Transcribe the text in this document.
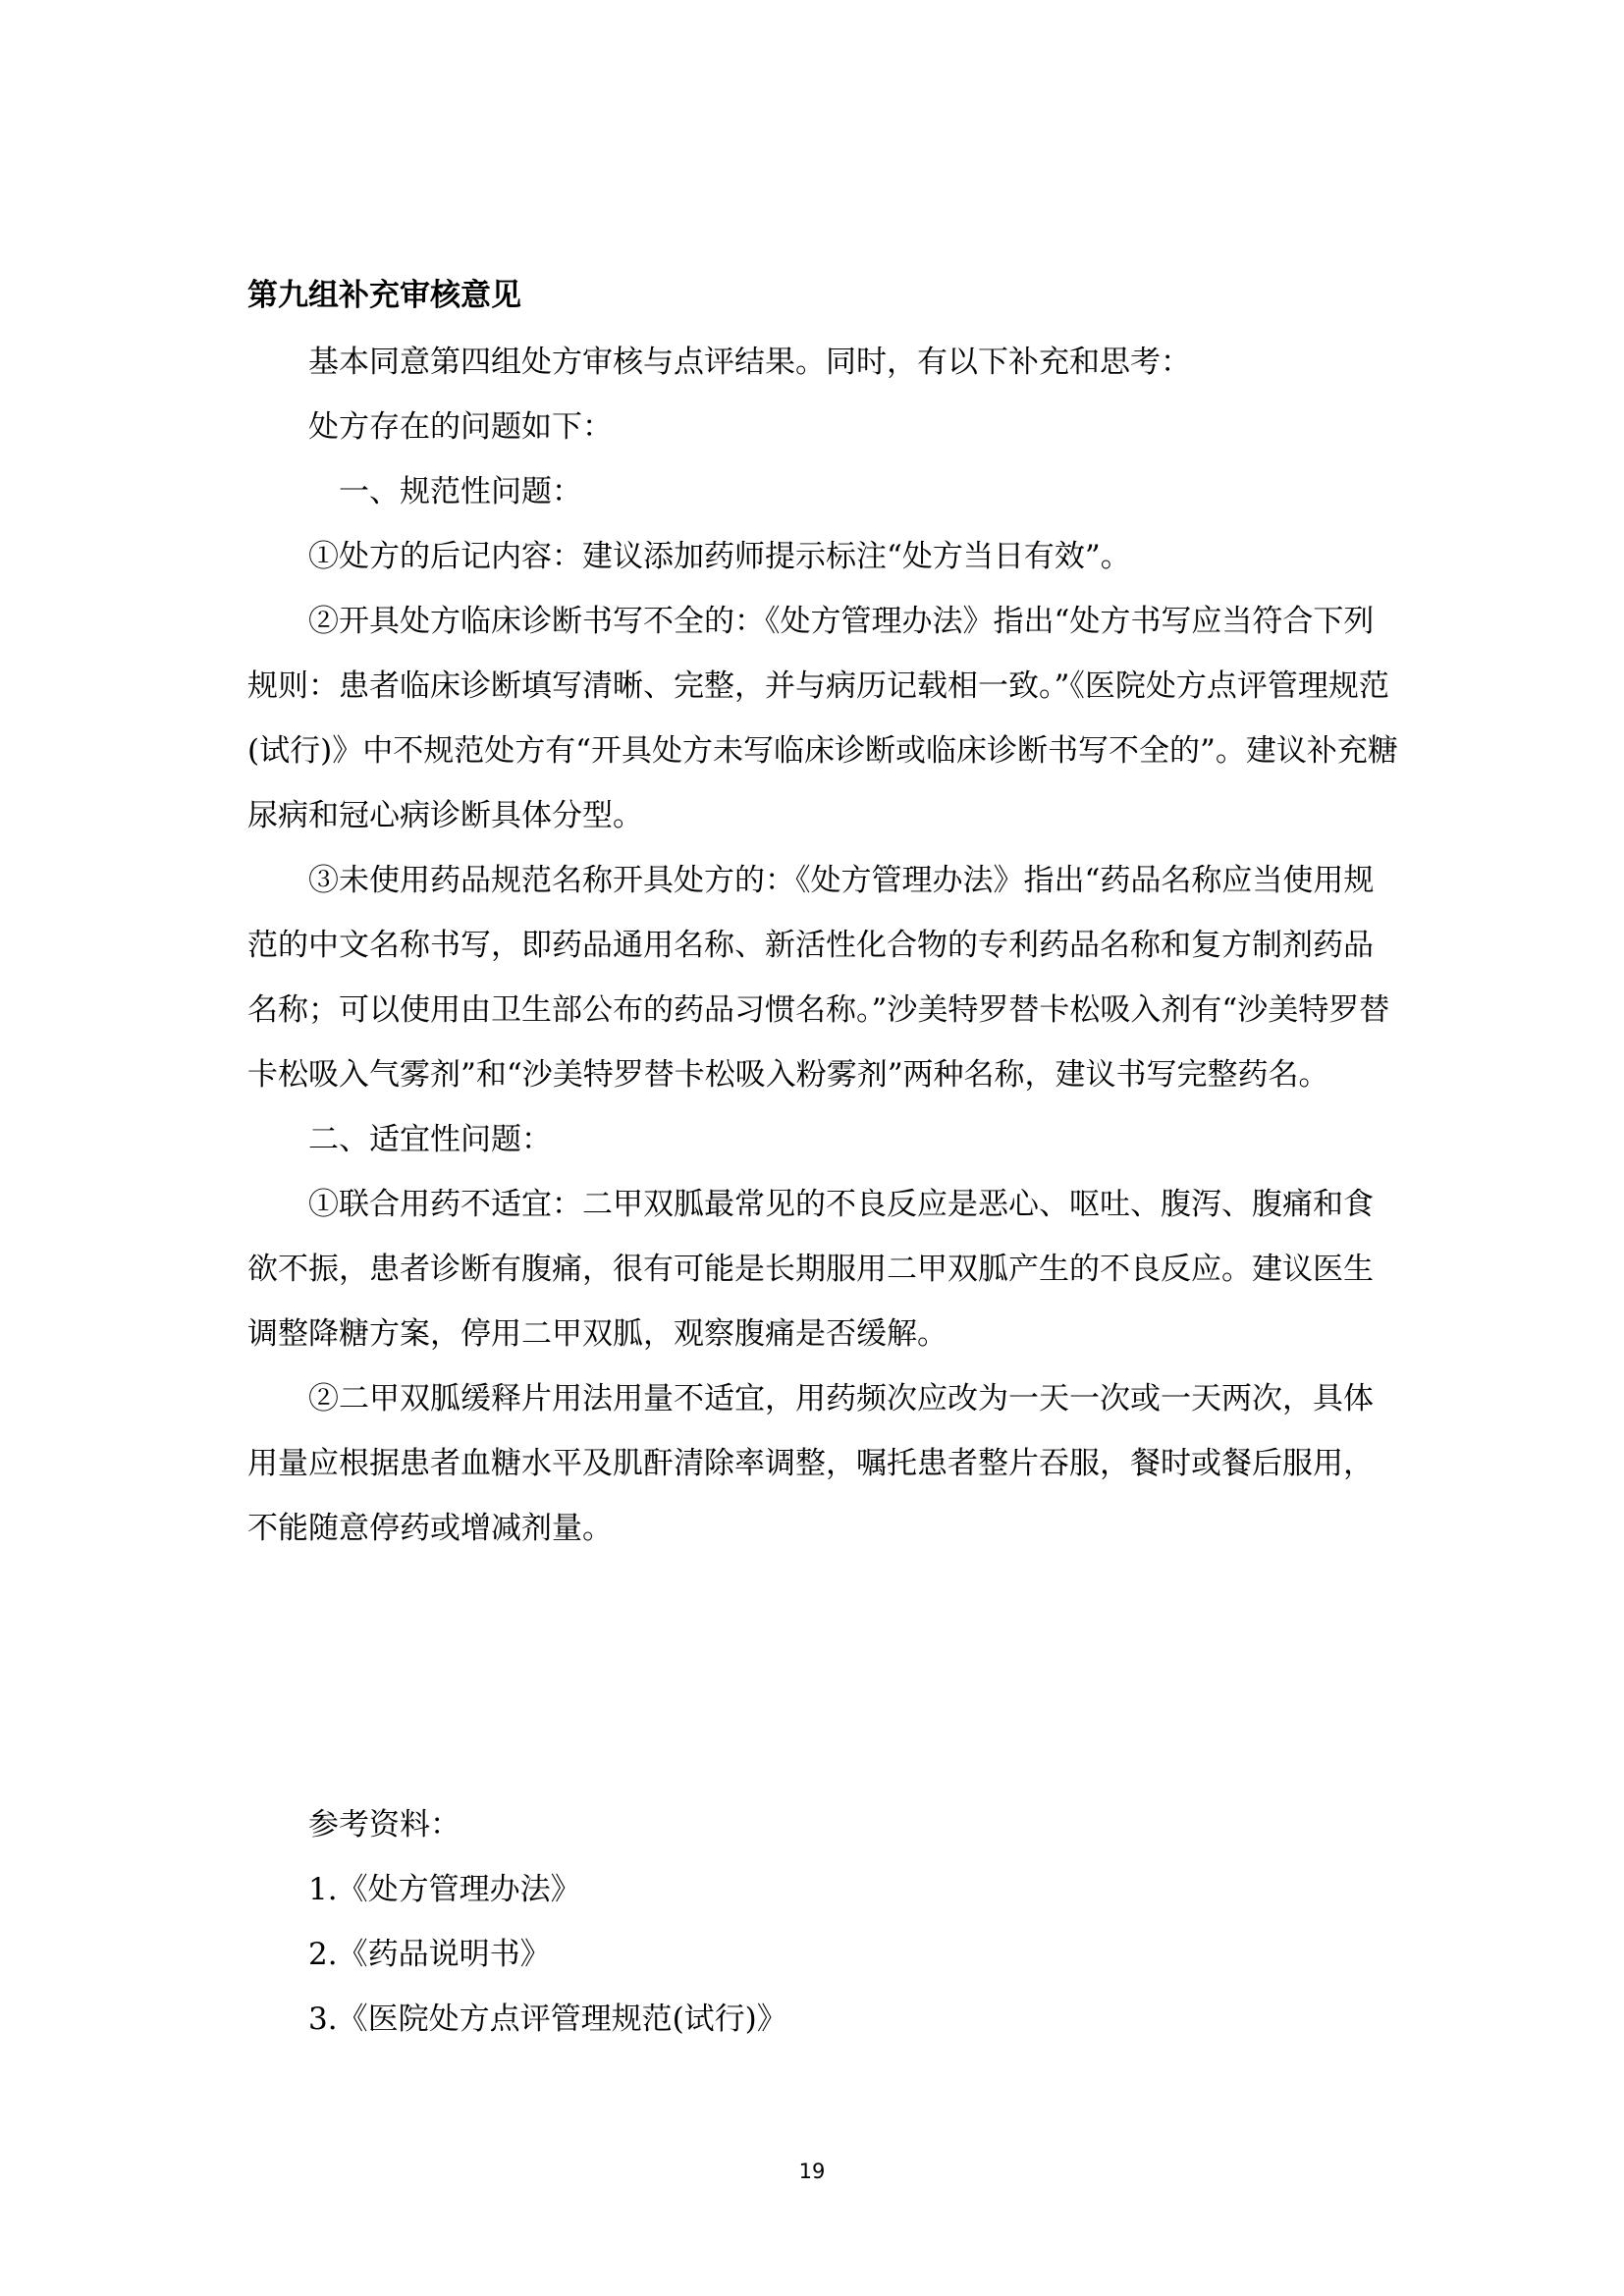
第九组补充审核意见

基本同意第四组处方审核与点评结果。同时，有以下补充和思考：

处方存在的问题如下：

一、规范性问题：

①处方的后记内容：建议添加药师提示标注“处方当日有效”。

②开具处方临床诊断书写不全的：《处方管理办法》指出“处方书写应当符合下列规则：患者临床诊断填写清晰、完整，并与病历记载相一致。”《医院处方点评管理规范(试行)》中不规范处方有“开具处方未写临床诊断或临床诊断书写不全的”。建议补充糖尿病和冠心病诊断具体分型。

③未使用药品规范名称开具处方的：《处方管理办法》指出“药品名称应当使用规范的中文名称书写，即药品通用名称、新活性化合物的专利药品名称和复方制剂药品名称；可以使用由卫生部公布的药品习惯名称。”沙美特罗替卡松吸入剂有“沙美特罗替卡松吸入气雾剂”和“沙美特罗替卡松吸入粉雾剂”两种名称，建议书写完整药名。

二、适宜性问题：

①联合用药不适宜：二甲双胍最常见的不良反应是恶心、呕吐、腹泻、腹痛和食欲不振，患者诊断有腹痛，很有可能是长期服用二甲双胍产生的不良反应。建议医生调整降糖方案，停用二甲双胍，观察腹痛是否缓解。

②二甲双胍缓释片用法用量不适宜，用药频次应改为一天一次或一天两次，具体用量应根据患者血糖水平及肌酐清除率调整，嘱托患者整片吞服，餐时或餐后服用，不能随意停药或增减剂量。

参考资料：

1.《处方管理办法》

2.《药品说明书》

3.《医院处方点评管理规范(试行)》

19
